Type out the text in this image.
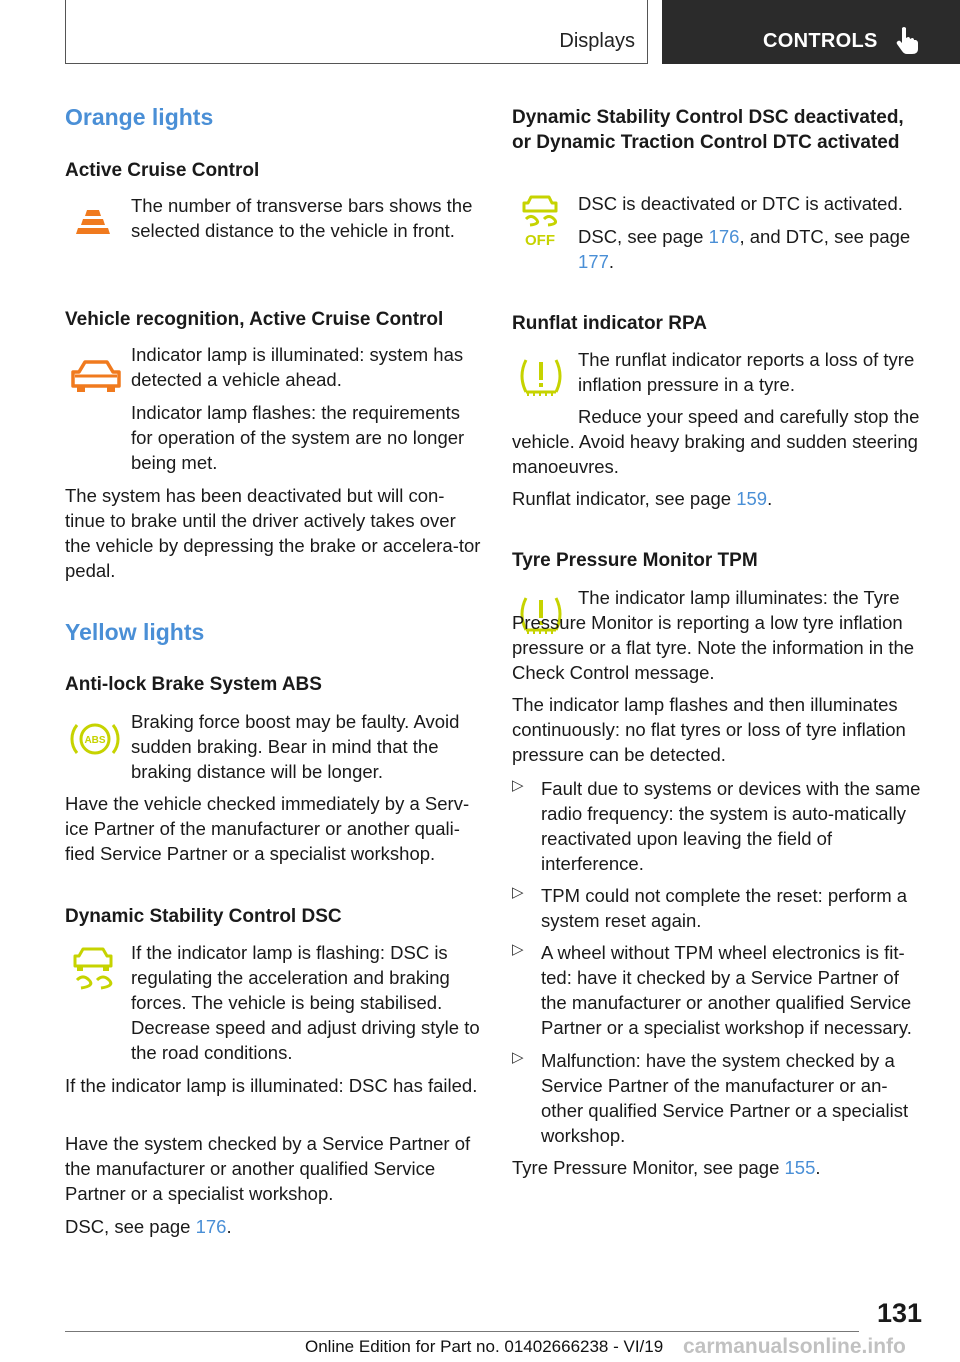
Displays	CONTROLS
Orange lights
Active Cruise Control

The number of transverse bars shows the selected distance to the vehicle in front.

Vehicle recognition, Active Cruise Control

Indicator lamp is illuminated: system has detected a vehicle ahead.

Indicator lamp flashes: the requirements for operation of the system are no longer being met.

The system has been deactivated but will con‐tinue to brake until the driver actively takes over the vehicle by depressing the brake or accelera‐tor pedal.

Yellow lights
Anti-lock Brake System ABS
ABS

Braking force boost may be faulty. Avoid sudden braking. Bear in mind that the braking distance will be longer.

Have the vehicle checked immediately by a Serv‐ice Partner of the manufacturer or another quali‐fied Service Partner or a specialist workshop.

Dynamic Stability Control DSC

If the indicator lamp is flashing: DSC is regulating the acceleration and braking forces. The vehicle is being stabilised. Decrease speed and adjust driving style to the road conditions.

If the indicator lamp is illuminated: DSC has failed.

Have the system checked by a Service Partner of the manufacturer or another qualified Service Partner or a specialist workshop.

DSC, see page 176.

Dynamic Stability Control DSC deactivated, or Dynamic Traction Control DTC activated
OFF

DSC is deactivated or DTC is activated.

DSC, see page 176, and DTC, see page 177.

Runflat indicator RPA

The runflat indicator reports a loss of tyre inflation pressure in a tyre.

Reduce your speed and carefully stop the vehicle. Avoid heavy braking and sudden steering manoeuvres.

Runflat indicator, see page 159.

Tyre Pressure Monitor TPM

The indicator lamp illuminates: the Tyre Pressure Monitor is reporting a low tyre inflation pressure or a flat tyre. Note the information in the Check Control message.

The indicator lamp flashes and then illuminates continuously: no flat tyres or loss of tyre inflation pressure can be detected.

▷ Fault due to systems or devices with the same radio frequency: the system is auto‐matically reactivated upon leaving the field of interference.
▷ TPM could not complete the reset: perform a system reset again.
▷ A wheel without TPM wheel electronics is fit‐ted: have it checked by a Service Partner of the manufacturer or another qualified Service Partner or a specialist workshop if necessary.
▷ Malfunction: have the system checked by a Service Partner of the manufacturer or an‐other qualified Service Partner or a specialist workshop.

Tyre Pressure Monitor, see page 155.

131
Online Edition for Part no. 01402666238 - VI/19 carmanualsonline.info
